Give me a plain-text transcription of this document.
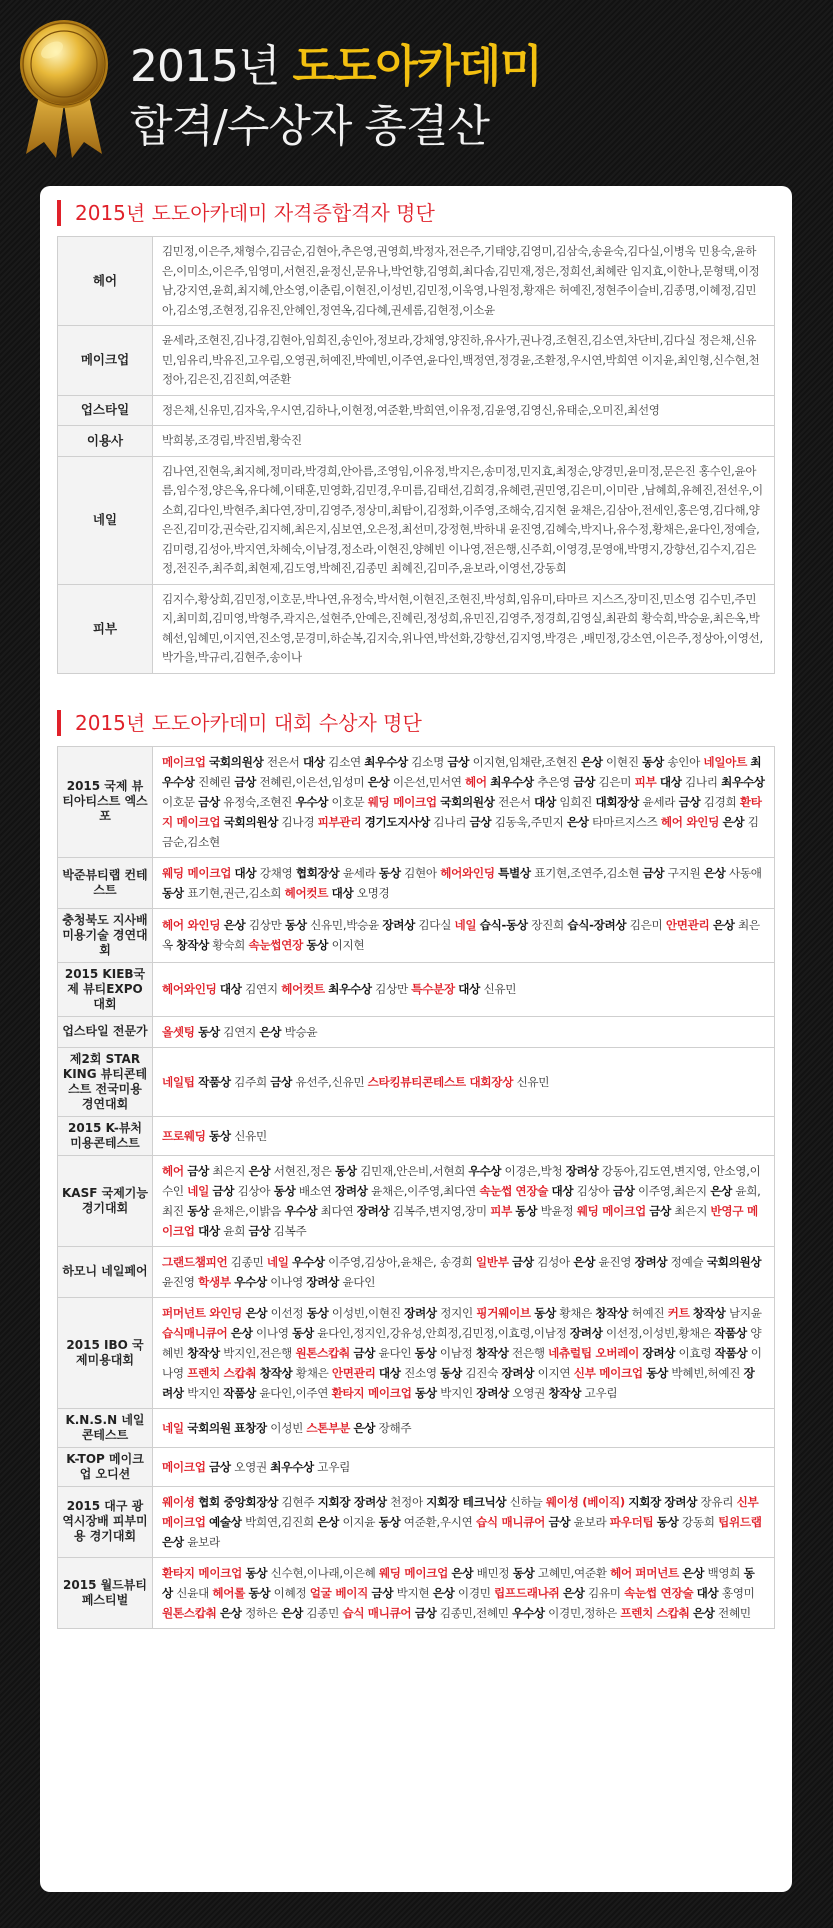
2015년 도도아카데미
합격/수상자 총결산
2015년 도도아카데미 자격증합격자 명단
헤어	김민정,이은주,채형수,김금순,김현아,추은영,권영희,박정자,전은주,기태양,김영미,김삼숙,송윤숙,김다실,이병욱 민용숙,윤하은,이미소,이은주,임영미,서현진,윤정신,문유나,박언향,김영희,최다솜,김민재,정은,정희선,최혜란 임지효,이한나,문형택,이정남,강지연,윤희,최지혜,안소영,이춘림,이현진,이성빈,김민정,이욱영,나원정,황재은 허예진,정현주이슬비,김종명,이혜정,김민아,김소영,조현정,김유진,안혜인,정연옥,김다혜,권세롬,김현정,이소윤
메이크업	윤세라,조현진,김나경,김현아,임희진,송인아,정보라,강채영,양진하,유사가,권나경,조현진,김소연,차단비,김다실 정은채,신유민,임유리,박유진,고우림,오영권,허예진,박예빈,이주연,윤다인,백정연,정경윤,조환정,우시연,박희연 이지윤,최인형,신수현,천정아,김은진,김진희,여준환
업스타일	정은채,신유민,김자욱,우시연,김하나,이현정,여준환,박희연,이유정,김윤영,김영신,유태순,오미진,최선영
이용사	박희봉,조경림,박진범,황숙진
네일	김나연,진현욱,최지혜,정미라,박경희,안아름,조영임,이유정,박지은,송미정,민지효,최정순,양경민,윤미정,문은진 홍수인,윤아름,임수정,양은옥,유다혜,이태훈,민영화,김민경,우미름,김태선,김희경,유혜련,권민영,김은미,이미란 ,남혜희,유혜진,전선우,이소희,김다인,박현주,최다연,장미,김영주,정상미,최탐이,김정화,이주영,조해숙,김지현 윤채은,김삼아,전세인,홍은영,김다해,양은진,김미강,권숙란,김지혜,최은지,심보연,오은정,최선미,강정현,박하내 윤진영,김혜숙,박지나,유수정,황채은,윤다인,정예슬,김미령,김성아,박지연,차혜숙,이남경,정소라,이현진,양혜빈 이나영,전은행,신주희,이영경,문영애,박명지,강향선,김수지,김은정,전진주,최주희,최현제,김도영,박혜진,김종민 최혜진,김미주,윤보라,이영선,강동희
피부	김지수,황상희,김민정,이호문,박나연,유정숙,박서현,이현진,조현진,박성희,임유미,타마르 지스즈,장미진,민소영 김수민,주민지,최미희,김미영,박형주,곽지은,설현주,안예은,진혜린,정성희,유민진,김영주,정경희,김영실,최관희 황숙희,박승윤,최은옥,박혜선,임혜민,이지연,진소영,문경미,하순복,김지숙,위나연,박선화,강향선,김지영,박경은 ,배민정,강소연,이은주,정상아,이영선,박가을,박규리,김현주,송이나
2015년 도도아카데미 대회 수상자 명단
2015 국제 뷰티아티스트 엑스포	메이크업 국회의원상 전은서 대상 김소연 최우수상 김소명 금상 이지현,임채란,조현진 은상 이현진 동상 송인아 네일아트 최우수상 진혜린 금상 전혜린,이은선,임성미 은상 이은선,민서연 헤어 최우수상 추은영 금상 김은미 피부 대상 김나리 최우수상 이호문 금상 유정숙,조현진 우수상 이호문 웨딩 메이크업 국회의원상 전은서 대상 임희진 대회장상 윤세라 금상 김경희 환타지 메이크업 국회의원상 김나경 피부관리 경기도지사상 김나리 금상 김동욱,주민지 은상 타마르지스즈 헤어 와인딩 은상 김금순,김소현
박준뷰티랩 컨테스트	웨딩 메이크업 대상 강채영 협회장상 윤세라 동상 김현아 헤어와인딩 특별상 표기현,조연주,김소현 금상 구지원 은상 사동애 동상 표기현,권근,김소희 헤어컷트 대상 오명경
충청북도 지사배 미용기술 경연대회	헤어 와인딩 은상 김상만 동상 신유민,박승윤 장려상 김다실 네일 습식-동상 장진희 습식-장려상 김은미 안면관리 은상 최은옥 창작상 황숙희 속눈썹연장 동상 이지현
2015 KIEB국제 뷰티EXPO 대회	헤어와인딩 대상 김연지 헤어컷트 최우수상 김상만 특수분장 대상 신유민
업스타일 전문가	올셋팅 동상 김연지 은상 박승윤
제2회 STAR KING 뷰티콘테스트 전국미용 경연대회	네일팁 작품상 김주희 금상 유선주,신유민 스타킹뷰티콘테스트 대회장상 신유민
2015 K-뷰처 미용콘테스트	프로웨딩 동상 신유민
KASF 국제기능 경기대회	헤어 금상 최은지 은상 서현진,정은 동상 김민재,안은비,서현희 우수상 이경은,박청 장려상 강동아,김도연,변지영, 안소영,이수인 네일 금상 김상아 동상 배소연 장려상 윤채은,이주영,최다연 속눈썹 연장술 대상 김상아 금상 이주영,최은지 은상 윤희,최진 동상 윤채은,이밝음 우수상 최다연 장려상 김복주,변지영,장미 피부 동상 박윤정 웨딩 메이크업 금상 최은지 반영구 메이크업 대상 윤희 금상 김복주
하모니 네일페어	그랜드챔피언 김종민 네일 우수상 이주영,김상아,윤채은, 송경희 일반부 금상 김성아 은상 윤진영 장려상 정예슬 국회의원상 윤진영 학생부 우수상 이나영 장려상 윤다인
2015 IBO 국제미용대회	퍼머넌트 와인딩 은상 이선정 동상 이성빈,이현진 장려상 정지인 핑거웨이브 동상 황채은 창작상 허예진 커트 창작상 남지윤 습식매니큐어 은상 이나영 동상 윤다인,정지인,강유성,안희정,김민정,이효령,이남정 장려상 이선정,이성빈,황채은 작품상 양혜빈 창작상 박지인,전은행 원톤스캅춰 금상 윤다인 동상 이남정 창작상 전은행 네츄럴팁 오버레이 장려상 이효령 작품상 이나영 프렌치 스캅춰 창작상 황채은 안면관리 대상 진소영 동상 김진숙 장려상 이지연 신부 메이크업 동상 박혜빈,허예진 장려상 박지인 작품상 윤다인,이주연 환타지 메이크업 동상 박지인 장려상 오영권 창작상 고우림
K.N.S.N 네일콘테스트	네일 국회의원 표창장 이성빈 스톤부분 은상 장해주
K-TOP 메이크업 오디션	메이크업 금상 오영권 최우수상 고우림
2015 대구 광역시장배 피부미용 경기대회	웨이셩 협회 중앙회장상 김현주 지회장 장려상 천정아 지회장 테크닉상 신하늘 웨이셩 (베이직) 지회장 장려상 장유리 신부 메이크업 예술상 박희연,김진희 은상 이지윤 동상 여준환,우시연 습식 매니큐어 금상 윤보라 파우더팁 동상 강동희 팁위드랩 은상 윤보라
2015 월드뷰티 페스티벌	환타지 메이크업 동상 신수현,이나래,이은혜 웨딩 메이크업 은상 배민정 동상 고혜민,여준환 헤어 퍼머넌트 은상 백영희 동상 신윤대 헤어롤 동상 이혜정 얼굴 베이직 금상 박지현 은상 이경민 립프드래나쥐 은상 김유미 속눈썹 연장술 대상 홍영미 원톤스캅춰 은상 정하은 은상 김종민 습식 매니큐어 금상 김종민,전혜민 우수상 이경민,정하은 프렌치 스캅춰 은상 전혜민
